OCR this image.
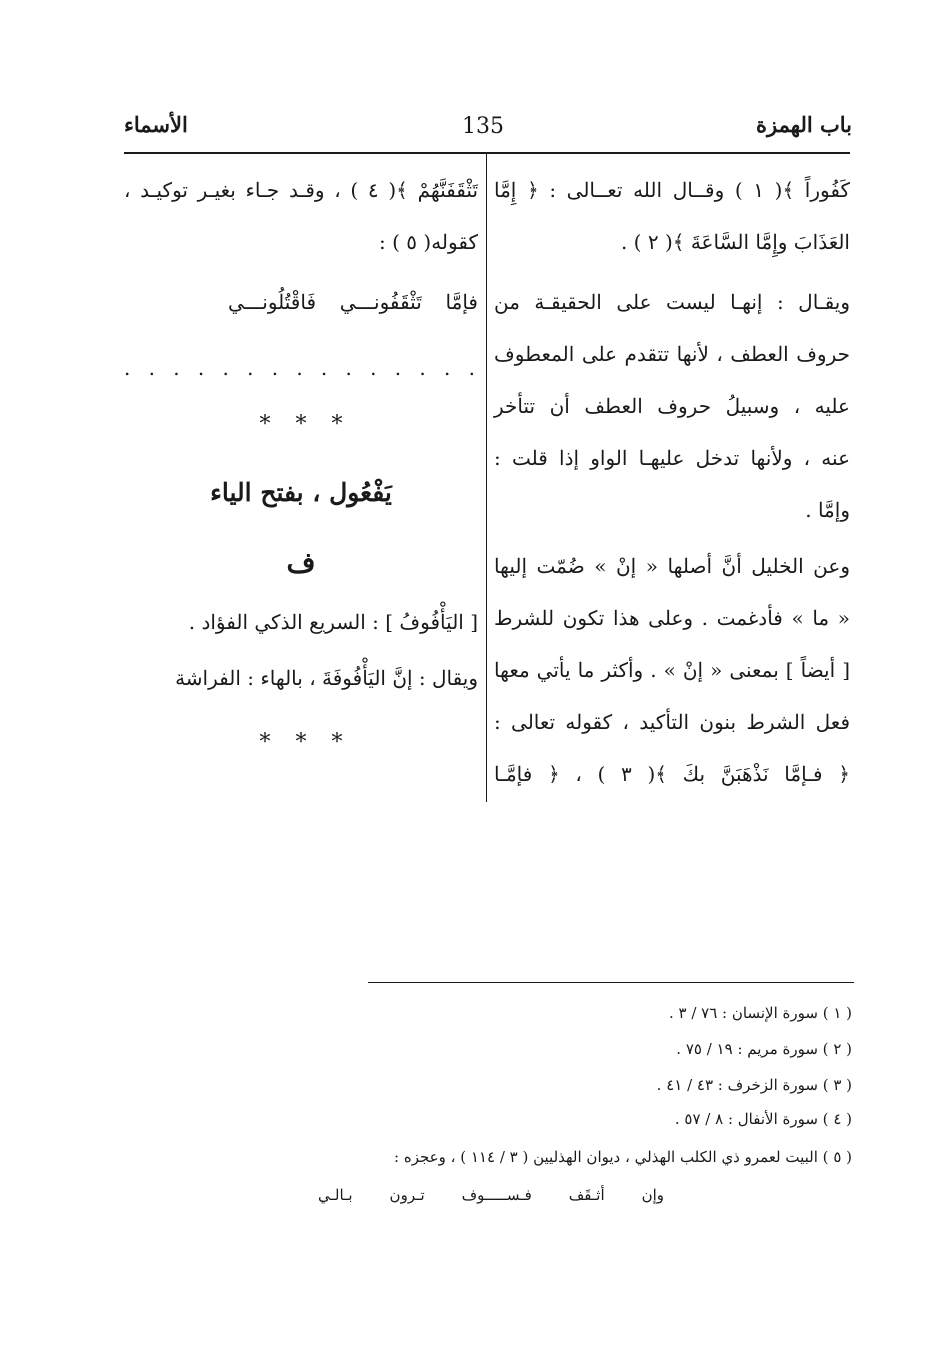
باب الهمزة
135
الأسماء
كَفُوراً ﴾( ١ ) وقــال الله تعــالى : ﴿ إِمَّا
العَذَابَ وإِمَّا السَّاعَةَ ﴾( ٢ ) .
ويقـال : إنهـا ليست على الحقيقـة من
حروف العطف ، لأنها تتقدم على المعطوف
عليه ، وسبيلُ حروف العطف أن تتأخر
عنه ، ولأنها تدخل عليهـا الواو إذا قلت :
وإمَّا .
وعن الخليل أنَّ أصلها « إنْ » ضُمّت إليها
« ما » فأدغمت . وعلى هذا تكون للشرط
[ أيضاً ] بمعنى « إنْ » . وأكثر ما يأتي معها
فعل الشرط بنون التأكيد ، كقوله تعالى :
﴿ فـإمَّا نَذْهَبَنَّ بكَ ﴾( ٣ ) ، ﴿ فإمَّـا
تَثْقَفَنَّهُمْ ﴾( ٤ ) ، وقـد جـاء بغيـر توكيـد ،
كقوله( ٥ ) :
فإمَّا تَثْقَفُونـــي فَاقْتُلُونـــي
. . . . . . . . . . . . . . .
* * *
يَفْعُول ، بفتح الياء
ف
[ اليَأْفُوفُ ] : السريع الذكي الفؤاد .
ويقال : إنَّ اليَأْفُوفَةَ ، بالهاء : الفراشة
* * *
( ١ ) سورة الإنسان : ٧٦ / ٣ .
( ٢ ) سورة مريم : ١٩ / ٧٥ .
( ٣ ) سورة الزخرف : ٤٣ / ٤١ .
( ٤ ) سورة الأنفال : ٨ / ٥٧ .
( ٥ ) البيت لعمرو ذي الكلب الهذلي ، ديوان الهذليين ( ٣ / ١١٤ ) ، وعجزه :
وإن أثـقَف فـســـــوف تـرون بـالـي
